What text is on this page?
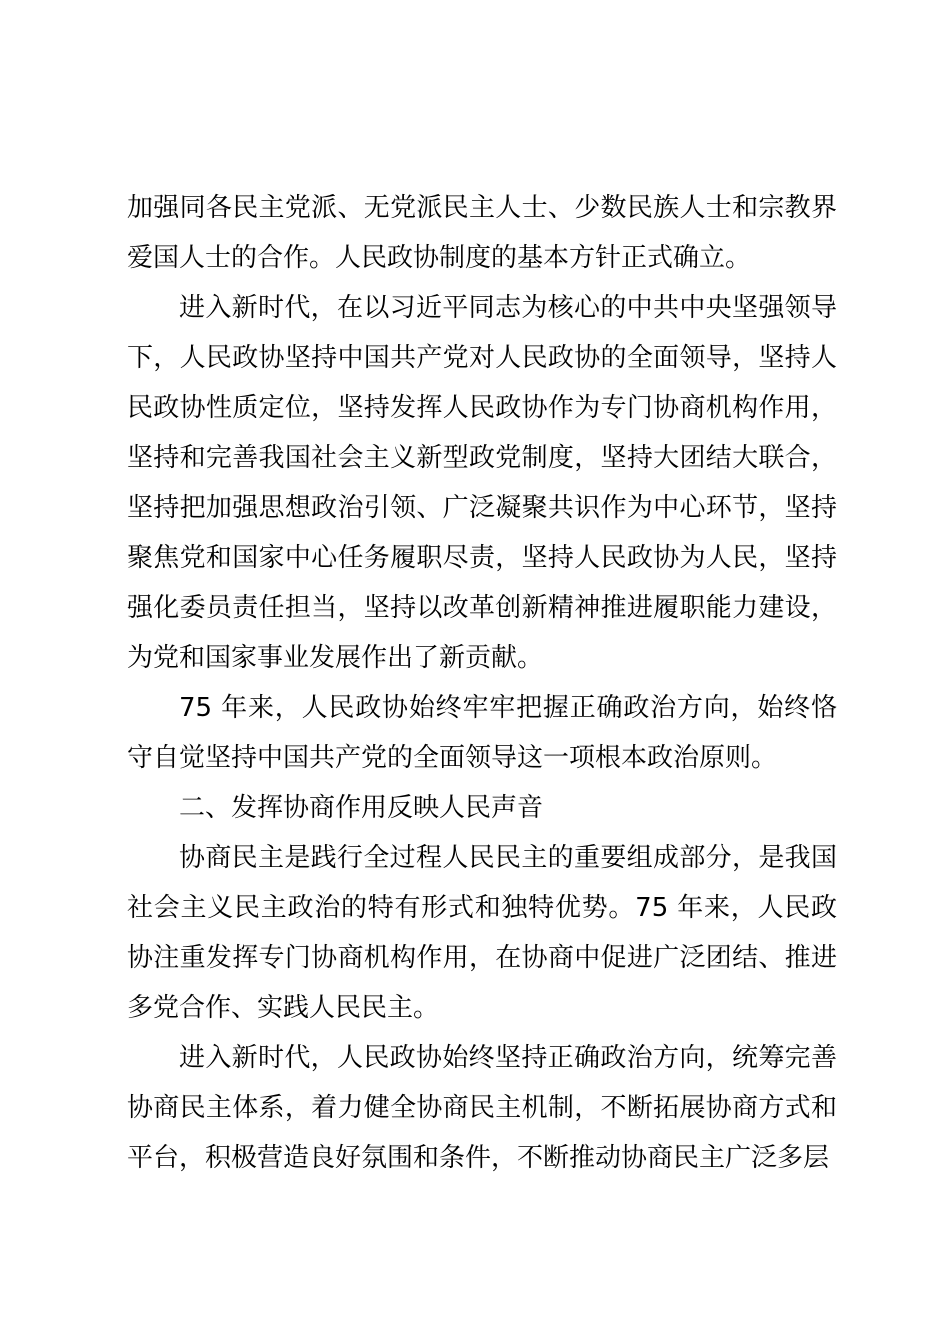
加强同各民主党派、无党派民主人士、少数民族人士和宗教界爱国人士的合作。人民政协制度的基本方针正式确立。

进入新时代，在以习近平同志为核心的中共中央坚强领导下，人民政协坚持中国共产党对人民政协的全面领导，坚持人民政协性质定位，坚持发挥人民政协作为专门协商机构作用，坚持和完善我国社会主义新型政党制度，坚持大团结大联合，坚持把加强思想政治引领、广泛凝聚共识作为中心环节，坚持聚焦党和国家中心任务履职尽责，坚持人民政协为人民，坚持强化委员责任担当，坚持以改革创新精神推进履职能力建设，为党和国家事业发展作出了新贡献。

75 年来，人民政协始终牢牢把握正确政治方向，始终恪守自觉坚持中国共产党的全面领导这一项根本政治原则。

二、发挥协商作用反映人民声音

协商民主是践行全过程人民民主的重要组成部分，是我国社会主义民主政治的特有形式和独特优势。75 年来，人民政协注重发挥专门协商机构作用，在协商中促进广泛团结、推进多党合作、实践人民民主。

进入新时代，人民政协始终坚持正确政治方向，统筹完善协商民主体系，着力健全协商民主机制，不断拓展协商方式和平台，积极营造良好氛围和条件，不断推动协商民主广泛多层
